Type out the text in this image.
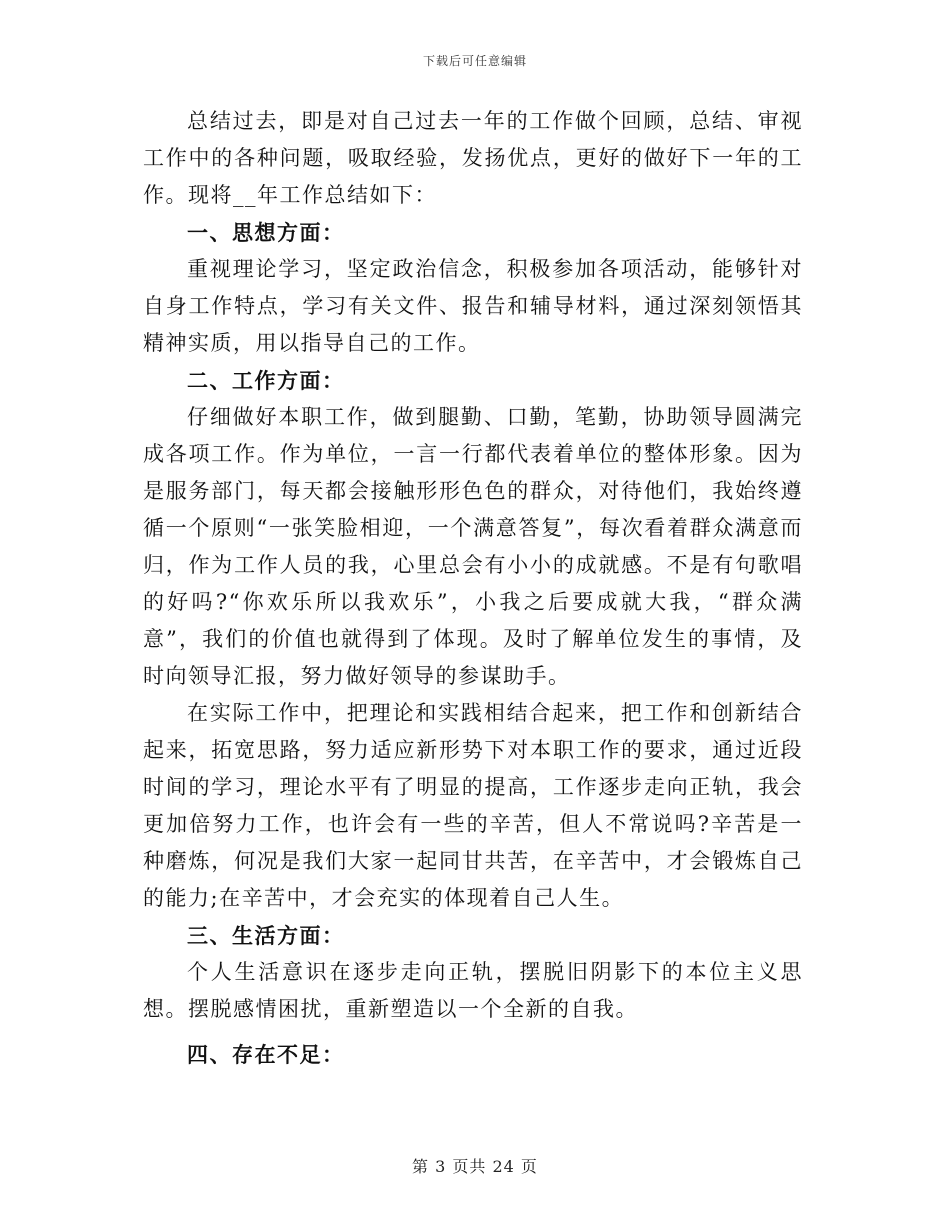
下载后可任意编辑

总结过去，即是对自己过去一年的工作做个回顾，总结、审视工作中的各种问题，吸取经验，发扬优点，更好的做好下一年的工作。现将__年工作总结如下：

一、思想方面：

重视理论学习，坚定政治信念，积极参加各项活动，能够针对自身工作特点，学习有关文件、报告和辅导材料，通过深刻领悟其精神实质，用以指导自己的工作。

二、工作方面：

仔细做好本职工作，做到腿勤、口勤，笔勤，协助领导圆满完成各项工作。作为单位，一言一行都代表着单位的整体形象。因为是服务部门，每天都会接触形形色色的群众，对待他们，我始终遵循一个原则“一张笑脸相迎，一个满意答复”，每次看着群众满意而归，作为工作人员的我，心里总会有小小的成就感。不是有句歌唱的好吗?“你欢乐所以我欢乐”，小我之后要成就大我，“群众满意”，我们的价值也就得到了体现。及时了解单位发生的事情，及时向领导汇报，努力做好领导的参谋助手。

在实际工作中，把理论和实践相结合起来，把工作和创新结合起来，拓宽思路，努力适应新形势下对本职工作的要求，通过近段时间的学习，理论水平有了明显的提高，工作逐步走向正轨，我会更加倍努力工作，也许会有一些的辛苦，但人不常说吗?辛苦是一种磨炼，何况是我们大家一起同甘共苦，在辛苦中，才会锻炼自己的能力;在辛苦中，才会充实的体现着自己人生。

三、生活方面：

个人生活意识在逐步走向正轨，摆脱旧阴影下的本位主义思想。摆脱感情困扰，重新塑造以一个全新的自我。

四、存在不足：
第 3 页共 24 页
